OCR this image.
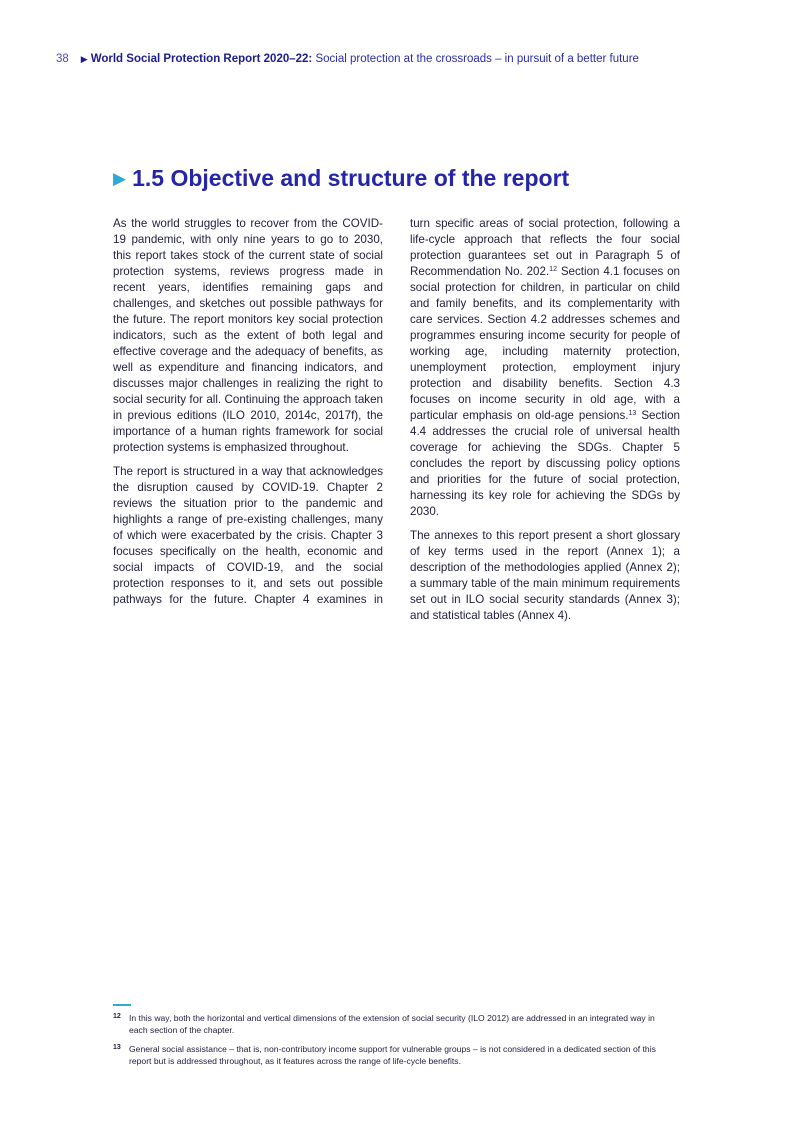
38 ▶ World Social Protection Report 2020–22: Social protection at the crossroads – in pursuit of a better future
▶ 1.5 Objective and structure of the report

As the world struggles to recover from the COVID-19 pandemic, with only nine years to go to 2030, this report takes stock of the current state of social protection systems, reviews progress made in recent years, identifies remaining gaps and challenges, and sketches out possible pathways for the future. The report monitors key social protection indicators, such as the extent of both legal and effective coverage and the adequacy of benefits, as well as expenditure and financing indicators, and discusses major challenges in realizing the right to social security for all. Continuing the approach taken in previous editions (ILO 2010, 2014c, 2017f), the importance of a human rights framework for social protection systems is emphasized throughout.

The report is structured in a way that acknowledges the disruption caused by COVID-19. Chapter 2 reviews the situation prior to the pandemic and highlights a range of pre-existing challenges, many of which were exacerbated by the crisis. Chapter 3 focuses specifically on the health, economic and social impacts of COVID-19, and the social protection responses to it, and sets out possible pathways for the future. Chapter 4 examines in

turn specific areas of social protection, following a life-cycle approach that reflects the four social protection guarantees set out in Paragraph 5 of Recommendation No. 202.12 Section 4.1 focuses on social protection for children, in particular on child and family benefits, and its complementarity with care services. Section 4.2 addresses schemes and programmes ensuring income security for people of working age, including maternity protection, unemployment protection, employment injury protection and disability benefits. Section 4.3 focuses on income security in old age, with a particular emphasis on old-age pensions.$^{13}$ Section 4.4 addresses the crucial role of universal health coverage for achieving the SDGs. Chapter 5 concludes the report by discussing policy options and priorities for the future of social protection, harnessing its key role for achieving the SDGs by 2030.

The annexes to this report present a short glossary of key terms used in the report (Annex 1); a description of the methodologies applied (Annex 2); a summary table of the main minimum requirements set out in ILO social security standards (Annex 3); and statistical tables (Annex 4).

12 In this way, both the horizontal and vertical dimensions of the extension of social security (ILO 2012) are addressed in an integrated way in each section of the chapter.
13 General social assistance – that is, non-contributory income support for vulnerable groups – is not considered in a dedicated section of this report but is addressed throughout, as it features across the range of life-cycle benefits.
